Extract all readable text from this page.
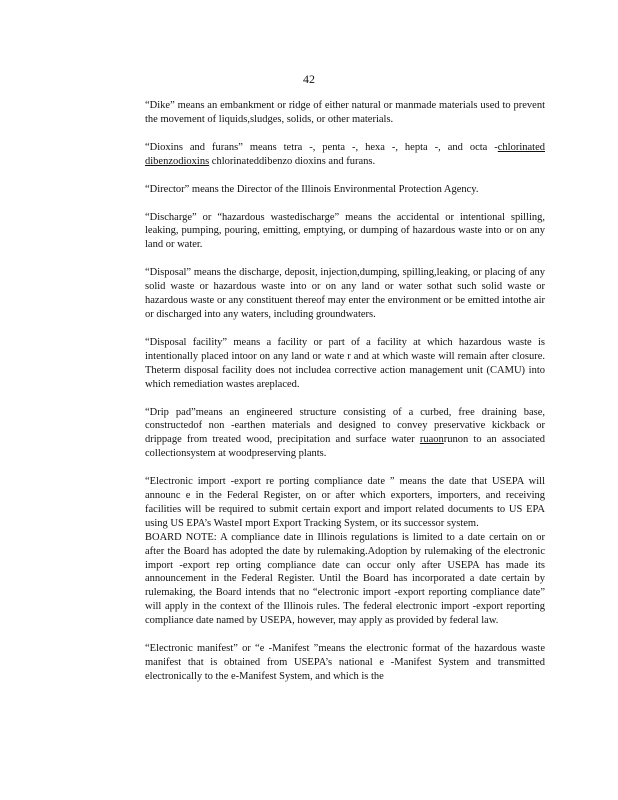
42

“Dike” means an embankment or ridge of either natural or manmade materials used to prevent the movement of liquids,sludges, solids, or other materials.

“Dioxins and furans” means tetra -, penta -, hexa -, hepta -, and octa -chlorinated dibenzodioxins chlorinateddibenzo dioxins and furans.

“Director” means the Director of the Illinois Environmental Protection Agency.

“Discharge” or “hazardous wastedischarge” means the accidental or intentional spilling, leaking, pumping, pouring, emitting, emptying, or dumping of hazardous waste into or on any land or water.

“Disposal” means the discharge, deposit, injection,dumping, spilling,leaking, or placing of any solid waste or hazardous waste into or on any land or water sothat such solid waste or hazardous waste or any constituent thereof may enter the environment or be emitted intothe air or discharged into any waters, including groundwaters.

“Disposal facility” means a facility or part of a facility at which hazardous waste is intentionally placed intoor on any land or wate r and at which waste will remain after closure. Theterm disposal facility does not includea corrective action management unit (CAMU) into which remediation wastes areplaced.

“Drip pad”means an engineered structure consisting of a curbed, free draining base, constructedof non -earthen materials and designed to convey preservative kickback or drippage from treated wood, precipitation and surface water ruaonrunon to an associated collectionsystem at woodpreserving plants.

“Electronic import -export re porting compliance date ” means the date that USEPA will announc e in the Federal Register, on or after which exporters, importers, and receiving facilities will be required to submit certain export and import related documents to US EPA using US EPA’s WasteI mport Export Tracking System, or its successor system.

BOARD NOTE: A compliance date in Illinois regulations is limited to a date certain on or after the Board has adopted the date by rulemaking.Adoption by rulemaking of the electronic import -export rep orting compliance date can occur only after USEPA has made its announcement in the Federal Register. Until the Board has incorporated a date certain by rulemaking, the Board intends that no “electronic import -export reporting compliance date” will apply in the context of the Illinois rules. The federal electronic import -export reporting compliance date named by USEPA, however, may apply as provided by federal law.

“Electronic manifest” or “e -Manifest ”means the electronic format of the hazardous waste manifest that is obtained from USEPA’s national e -Manifest System and transmitted electronically to the e-Manifest System, and which is the
